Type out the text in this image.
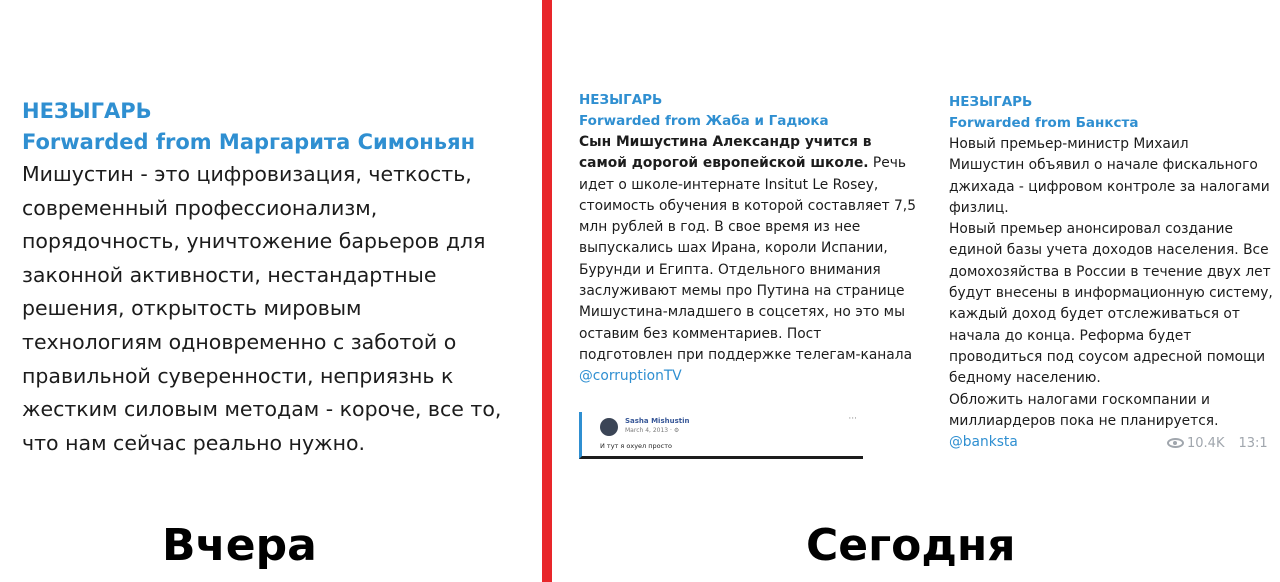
НЕЗЫГАРЬ
Forwarded from Маргарита Симоньян
Мишустин - это цифровизация, четкость,
современный профессионализм,
порядочность, уничтожение барьеров для
законной активности, нестандартные
решения, открытость мировым
технологиям одновременно с заботой о
правильной суверенности, неприязнь к
жестким силовым методам - короче, все то,
что нам сейчас реально нужно.
НЕЗЫГАРЬ
Forwarded from Жаба и Гадюка
Сын Мишустина Александр учится в самой дорогой европейской школе. Речь идет о школе-интернате Insitut Le Rosey, стоимость обучения в которой составляет 7,5 млн рублей в год. В свое время из нее выпускались шах Ирана, короли Испании, Бурунди и Египта. Отдельного внимания заслуживают мемы про Путина на странице Мишустина-младшего в соцсетях, но это мы оставим без комментариев. Пост подготовлен при поддержке телегам-канала @corruptionTV
Sasha Mishustin
March 4, 2013 · ⚙
···
И тут я охуел просто
НЕЗЫГАРЬ
Forwarded from Банкста
Новый премьер-министр Михаил
Мишустин объявил о начале фискального
джихада - цифровом контроле за налогами
физлиц.
Новый премьер анонсировал создание
единой базы учета доходов населения. Все
домохозяйства в России в течение двух лет
будут внесены в информационную систему,
каждый доход будет отслеживаться от
начала до конца. Реформа будет
проводиться под соусом адресной помощи
бедному населению.
Обложить налогами госкомпании и
миллиардеров пока не планируется.
@banksta	10.4K 13:1
Вчера	Сегодня
